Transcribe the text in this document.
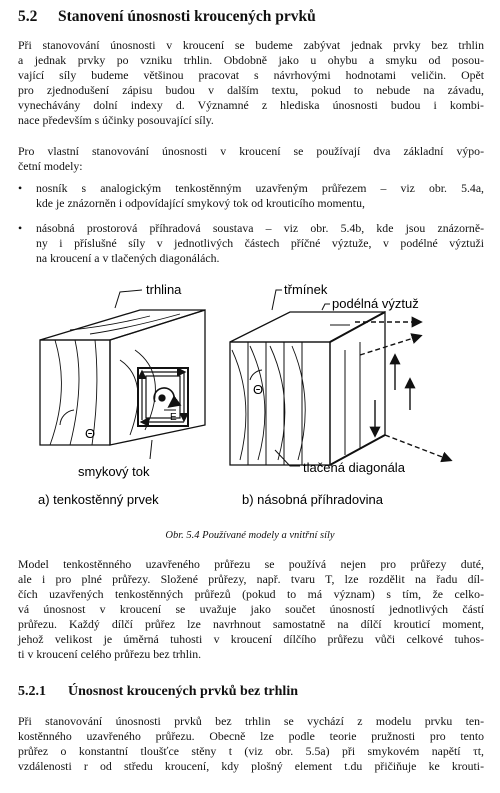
5.2 Stanovení únosnosti kroucených prvků
Při stanovování únosnosti v kroucení se budeme zabývat jednak prvky bez trhlin
a jednak prvky po vzniku trhlin. Obdobně jako u ohybu a smyku od posou-
vající síly budeme většinou pracovat s návrhovými hodnotami veličin. Opět
pro zjednodušení zápisu budou v dalším textu, pokud to nebude na závadu,
vynechávány dolní indexy d. Významné z hlediska únosnosti budou i kombi-
nace především s účinky posouvající síly.
Pro vlastní stanovování únosnosti v kroucení se používají dva základní výpo-
četní modely:
• nosník s analogickým tenkostěnným uzavřeným průřezem – viz obr. 5.4a,
kde je znázorněn i odpovídající smykový tok od krouticího momentu,
• násobná prostorová příhradová soustava – viz obr. 5.4b, kde jsou znázorně-
ny i příslušné síly v jednotlivých částech příčné výztuže, v podélné výztuži
na kroucení a v tlačených diagonálách.
trhlina
Θ
E
smykový tok
a) tenkostěnný prvek
třmínek
podélná výztuž
Θ
tlačená diagonála
b) násobná příhradovina
Obr. 5.4 Používané modely a vnitřní síly
Model tenkostěnného uzavřeného průřezu se používá nejen pro průřezy duté,
ale i pro plné průřezy. Složené průřezy, např. tvaru T, lze rozdělit na řadu díl-
čích uzavřených tenkostěnných průřezů (pokud to má význam) s tím, že celko-
vá únosnost v kroucení se uvažuje jako součet únosností jednotlivých částí
průřezu. Každý dílčí průřez lze navrhnout samostatně na dílčí krouticí moment,
jehož velikost je úměrná tuhosti v kroucení dílčího průřezu vůči celkové tuhos-
ti v kroucení celého průřezu bez trhlin.
5.2.1 Únosnost kroucených prvků bez trhlin
Při stanovování únosnosti prvků bez trhlin se vychází z modelu prvku ten-
kostěnného uzavřeného průřezu. Obecně lze podle teorie pružnosti pro tento
průřez o konstantní tloušťce stěny t (viz obr. 5.5a) při smykovém napětí τt,
vzdálenosti r od středu kroucení, kdy plošný element t.du přičiňuje ke krouti-
